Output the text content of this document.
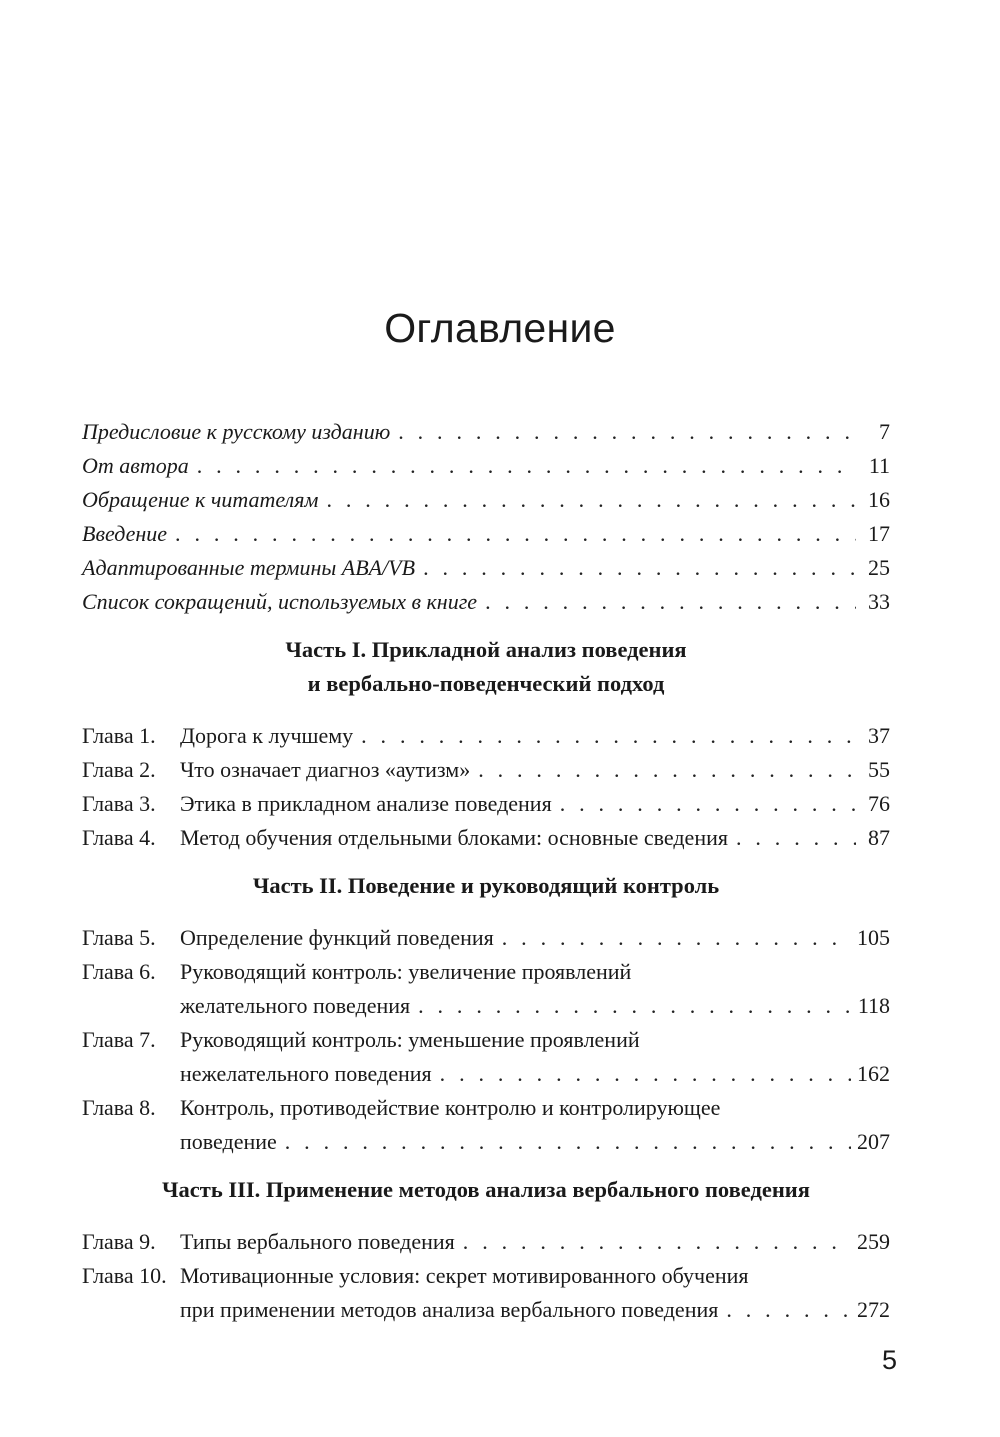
Оглавление
Предисловие к русскому изданию . . .	7
От автора . . .	11
Обращение к читателям . . .	16
Введение . . .	17
Адаптированные термины ABA/VB . . .	25
Список сокращений, используемых в книге . . .	33
Часть I. Прикладной анализ поведения
и вербально-поведенческий подход
Глава 1.	Дорога к лучшему . . .	37
Глава 2.	Что означает диагноз «аутизм» . . .	55
Глава 3.	Этика в прикладном анализе поведения . . .	76
Глава 4.	Метод обучения отдельными блоками: основные сведения . . .	87
Часть II. Поведение и руководящий контроль
Глава 5.	Определение функций поведения . . .	105
Глава 6.	Руководящий контроль: увеличение проявлений
желательного поведения . . .	118
Глава 7.	Руководящий контроль: уменьшение проявлений
нежелательного поведения . . .	162
Глава 8.	Контроль, противодействие контролю и контролирующее
поведение . . .	207
Часть III. Применение методов анализа вербального поведения
Глава 9.	Типы вербального поведения . . .	259
Глава 10. Мотивационные условия: секрет мотивированного обучения
при применении методов анализа вербального поведения . . .	272
5
